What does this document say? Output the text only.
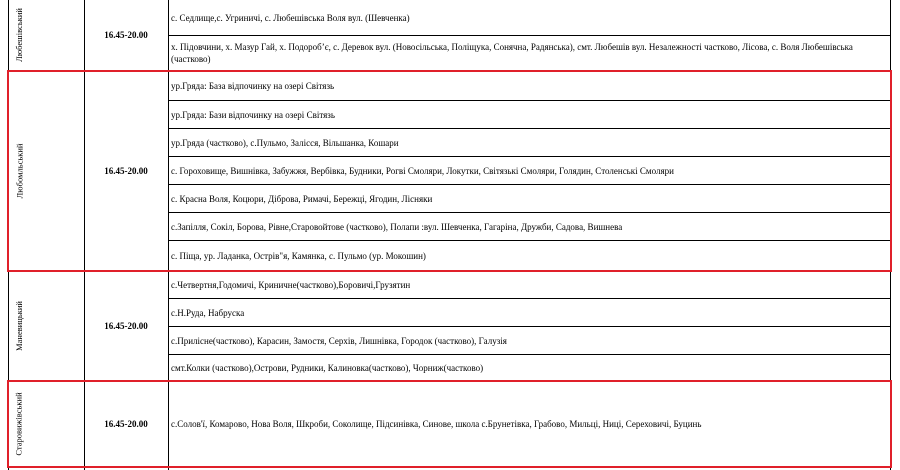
Любешівський	16.45-20.00
с. Седлище,с. Угриничі, с. Любешівська Воля вул. (Шевченка)
х. Підовчини, х. Мазур Гай, х. Подороб’є, с. Деревок вул. (Новосільська, Поліщука, Сонячна, Радянська), смт. Любешів вул. Незалежності частково, Лісова, с. Воля Любешівська (частково)
Любомльський	16.45-20.00
ур.Гряда: База відпочинку на озері Світязь
ур.Гряда: Бази відпочинку на озері Світязь
ур.Гряда (частково), с.Пульмо, Залісся, Вільшанка, Кошари
с. Гороховище, Вишнівка, Забужжя, Вербівка, Будники, Рогві Смоляри, Локутки, Світязькі Смоляри, Голядин, Столенські Смоляри
с. Красна Воля, Коцюри, Діброва, Римачі, Бережці, Ягодин, Лісняки
с.Запілля, Сокіл, Борова, Рівне,Старовойтове (частково), Полапи :вул. Шевченка, Гагаріна, Дружби, Садова, Вишнева
с. Піща, ур. Ладанка, Острів"я, Камянка, с. Пульмо (ур. Мокошин)
Маневицький	16.45-20.00
с.Четвертня,Годомичі, Криничне(частково),Боровичі,Грузятин
с.Н.Руда, Набруска
с.Прилісне(частково), Карасин, Замостя, Серхів, Лишнівка, Городок (частково), Галузія
смт.Колки (частково),Острови, Рудники, Калиновка(частково), Чорниж(частково)
Старовижівський	16.45-20.00	с.Солов'ї, Комарово, Нова Воля, Шкроби, Соколище, Підсинівка, Синове, школа с.Брунетівка, Грабово, Мильці, Ниці, Сереховичі, Буцинь
